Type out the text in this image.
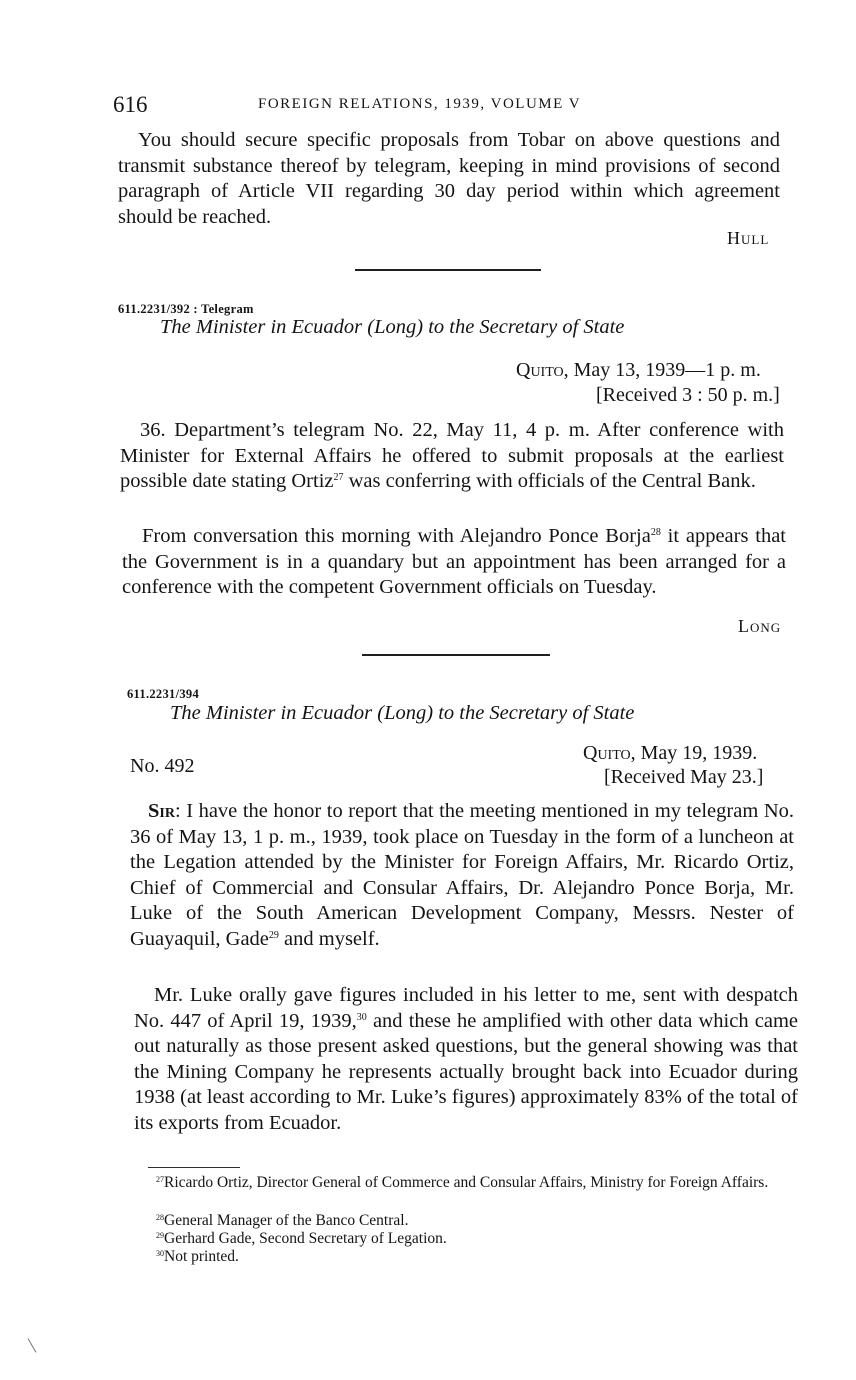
616	FOREIGN RELATIONS, 1939, VOLUME V

You should secure specific proposals from Tobar on above questions and transmit substance thereof by telegram, keeping in mind provisions of second paragraph of Article VII regarding 30 day period within which agreement should be reached.

Hull
611.2231/392 : Telegram
The Minister in Ecuador (Long) to the Secretary of State
Quito, May 13, 1939—1 p. m.
[Received 3 : 50 p. m.]

36. Department’s telegram No. 22, May 11, 4 p. m. After conference with Minister for External Affairs he offered to submit proposals at the earliest possible date stating Ortiz$^{27}$ was conferring with officials of the Central Bank.

From conversation this morning with Alejandro Ponce Borja$^{28}$ it appears that the Government is in a quandary but an appointment has been arranged for a conference with the competent Government officials on Tuesday.

Long
611.2231/394
The Minister in Ecuador (Long) to the Secretary of State
No. 492
Quito, May 19, 1939.
[Received May 23.]

Sir: I have the honor to report that the meeting mentioned in my telegram No. 36 of May 13, 1 p. m., 1939, took place on Tuesday in the form of a luncheon at the Legation attended by the Minister for Foreign Affairs, Mr. Ricardo Ortiz, Chief of Commercial and Consular Affairs, Dr. Alejandro Ponce Borja, Mr. Luke of the South American Development Company, Messrs. Nester of Guayaquil, Gade$^{29}$ and myself.

Mr. Luke orally gave figures included in his letter to me, sent with despatch No. 447 of April 19, 1939,30 and these he amplified with other data which came out naturally as those present asked questions, but the general showing was that the Mining Company he represents actually brought back into Ecuador during 1938 (at least according to Mr. Luke’s figures) approximately 83% of the total of its exports from Ecuador.

$^{27}$Ricardo Ortiz, Director General of Commerce and Consular Affairs, Ministry for Foreign Affairs.
$^{28}$General Manager of the Banco Central.
$^{29}$Gerhard Gade, Second Secretary of Legation.
$^{30}$Not printed.
